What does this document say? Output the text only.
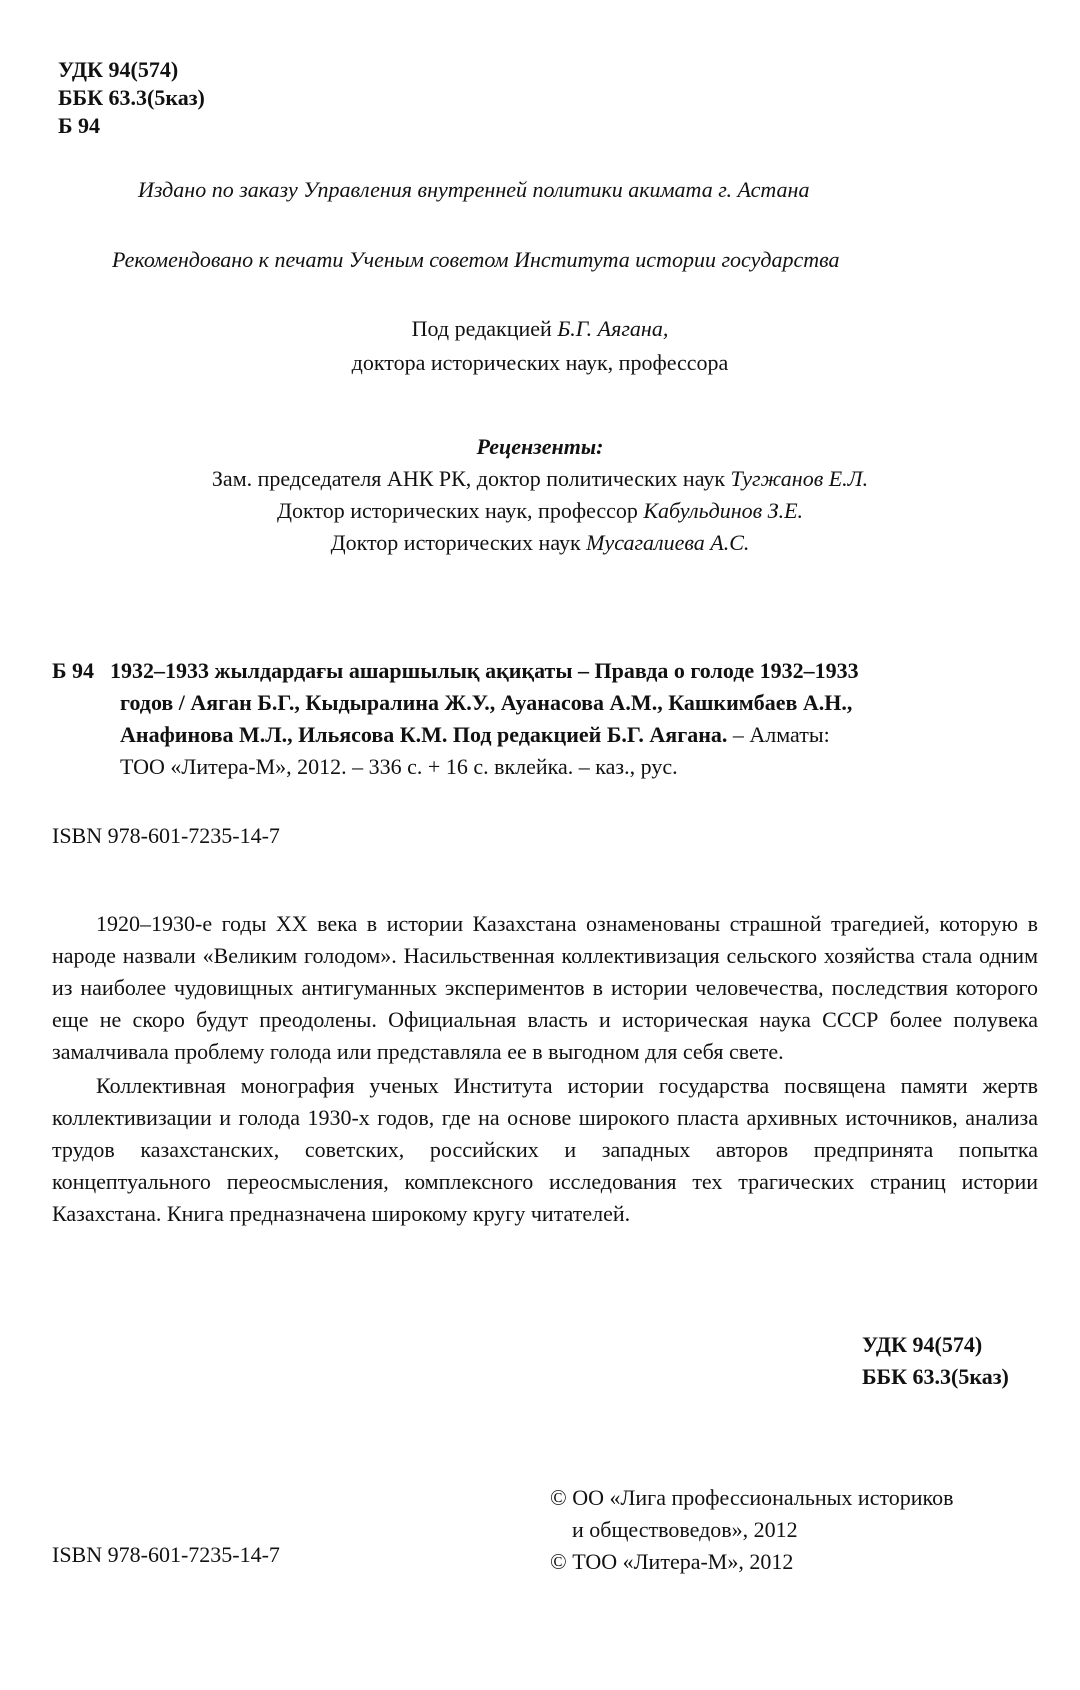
УДК 94(574)
ББК 63.3(5каз)
Б 94
Издано по заказу Управления внутренней политики акимата г. Астана
Рекомендовано к печати Ученым советом Института истории государства
Под редакцией Б.Г. Аягана,
доктора исторических наук, профессора
Рецензенты:
Зам. председателя АНК РК, доктор политических наук Тугжанов Е.Л.
Доктор исторических наук, профессор Кабульдинов З.Е.
Доктор исторических наук Мусагалиева А.С.
Б 94 1932–1933 жылдардағы ашаршылық ақиқаты – Правда о голоде 1932–1933
годов / Аяган Б.Г., Кыдыралина Ж.У., Ауанасова А.М., Кашкимбаев А.Н.,
Анафинова М.Л., Ильясова К.М. Под редакцией Б.Г. Аягана. – Алматы:
ТОО «Литера-М», 2012. – 336 с. + 16 с. вклейка. – каз., рус.
ISBN 978-601-7235-14-7

1920–1930-е годы XX века в истории Казахстана ознаменованы страшной трагедией, которую в народе назвали «Великим голодом». Насильственная коллективизация сельского хозяйства стала одним из наиболее чудовищных антигуманных экспериментов в истории человечества, последствия которого еще не скоро будут преодолены. Официальная власть и историческая наука СССР более полувека замалчивала проблему голода или представляла ее в выгодном для себя свете.

Коллективная монография ученых Института истории государства посвящена памяти жертв коллективизации и голода 1930-х годов, где на основе широкого пласта архивных источников, анализа трудов казахстанских, советских, российских и западных авторов предпринята попытка концептуального переосмысления, комплексного исследования тех трагических страниц истории Казахстана. Книга предназначена широкому кругу читателей.

УДК 94(574)
ББК 63.3(5каз)
© ОО «Лига профессиональных историков
и обществоведов», 2012
© ТОО «Литера-М», 2012
ISBN 978-601-7235-14-7
